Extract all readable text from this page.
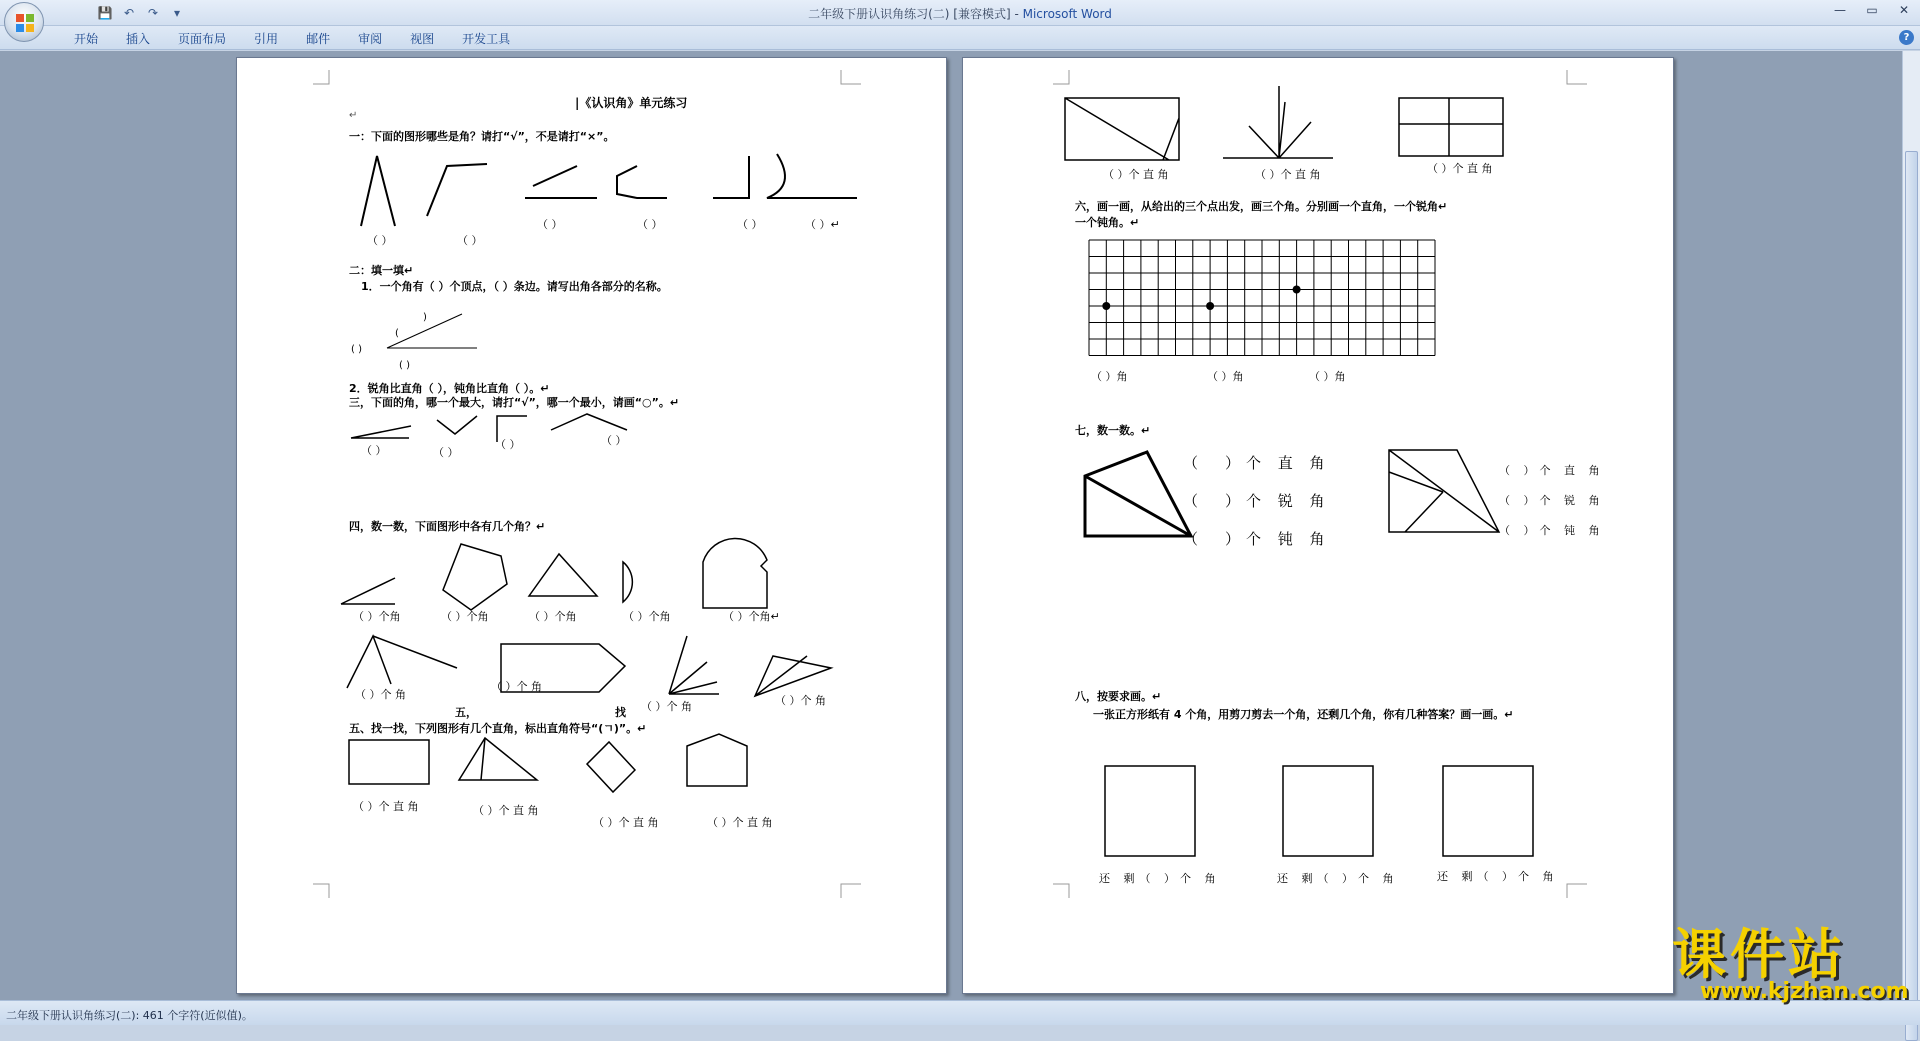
💾 ↶	↷	▾	二年级下册认识角练习(二) [兼容模式] - Microsoft Word	—	▭	✕
开始	插入	页面布局	引用	邮件	审阅	视图	开发工具	?
|《认识角》单元练习
↵
一：下面的图形哪些是角？请打“√”，不是请打“×”。
（ ）	（ ）
（ ）	（ ）	（ ）	（ ）↵
二：填一填↵
1．一个角有（ ）个顶点，（ ）条边。请写出角各部分的名称。
)
(
( )
( )
2．锐角比直角（ ），钝角比直角（ ）。↵
三，下面的角，哪一个最大，请打“√”，哪一个最小，请画“○”。↵
（ ）	（ ）
（ ）	（ ）
四，数一数，下面图形中各有几个角？↵
（ ）个角	（ ）个角	（ ）个角	（ ）个角	（ ）个角↵
（ ）个 角
（ ）个 角
（ ）个 角	（ ）个 角
五，	找
五、找一找，下列图形有几个直角，标出直角符号“(ㄱ)”。↵
（ ）个 直 角	（ ）个 直 角
（ ）个 直 角	（ ）个 直 角
（ ）个 直 角	（ ）个 直 角	（ ）个 直 角
六，画一画，从给出的三个点出发，画三个角。分别画一个直角，一个锐角↵
一个钝角。↵
（ ）角	（ ）角	（ ）角
七，数一数。↵
（　）个 直 角
（　）个 锐 角
（　）个 钝 角
（ ）个 直 角
（ ）个 锐 角
（ ）个 钝 角
八，按要求画。↵
一张正方形纸有 4 个角，用剪刀剪去一个角，还剩几个角，你有几种答案？画一画。↵
还 剩（ ）个 角	还 剩（ ）个 角	还 剩（ ）个 角
二年级下册认识角练习(二): 461 个字符(近似值)。
课件站
www.kjzhan.com
